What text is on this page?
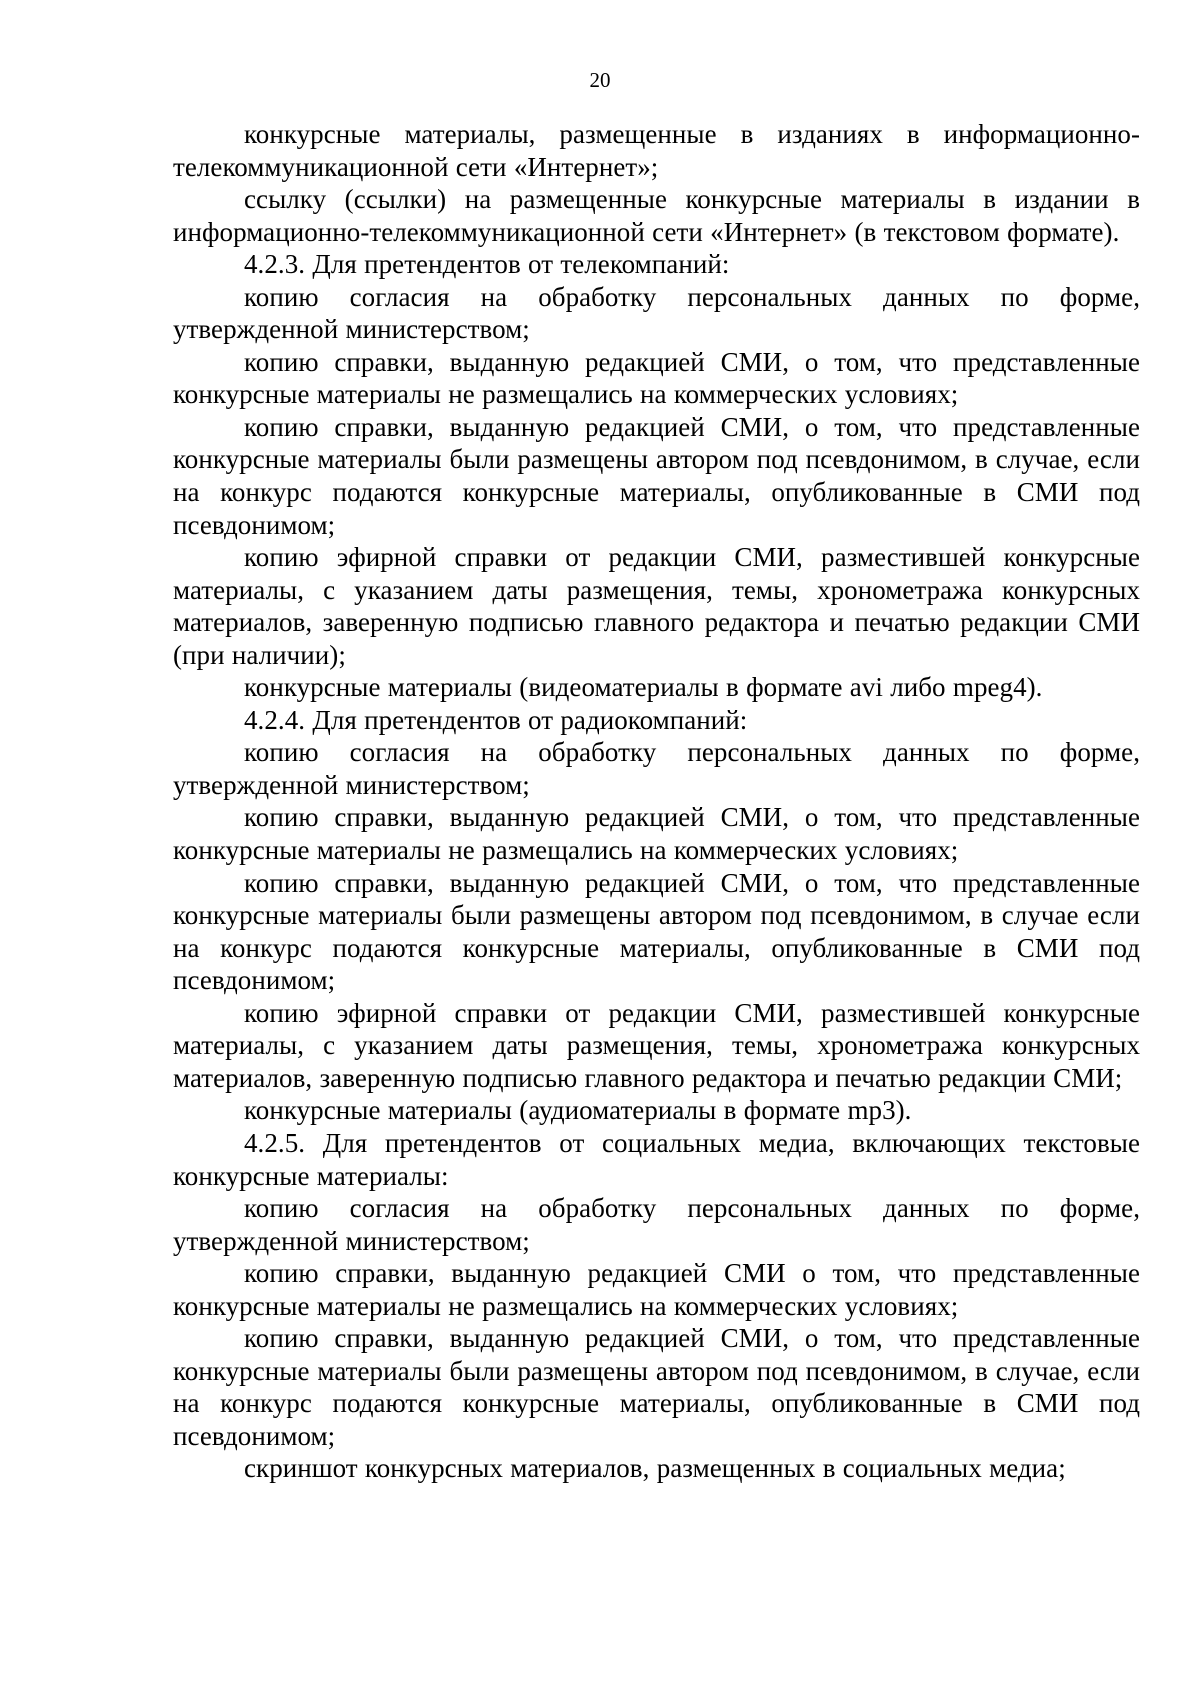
20

конкурсные материалы, размещенные в изданиях в информационно-телекоммуникационной сети «Интернет»;

ссылку (ссылки) на размещенные конкурсные материалы в издании в информационно-телекоммуникационной сети «Интернет» (в текстовом формате).

4.2.3. Для претендентов от телекомпаний:

копию согласия на обработку персональных данных по форме, утвержденной министерством;

копию справки, выданную редакцией СМИ, о том, что представленные конкурсные материалы не размещались на коммерческих условиях;

копию справки, выданную редакцией СМИ, о том, что представленные конкурсные материалы были размещены автором под псевдонимом, в случае, если на конкурс подаются конкурсные материалы, опубликованные в СМИ под псевдонимом;

копию эфирной справки от редакции СМИ, разместившей конкурсные материалы, с указанием даты размещения, темы, хронометража конкурсных материалов, заверенную подписью главного редактора и печатью редакции СМИ (при наличии);

конкурсные материалы (видеоматериалы в формате avi либо mpeg4).

4.2.4. Для претендентов от радиокомпаний:

копию согласия на обработку персональных данных по форме, утвержденной министерством;

копию справки, выданную редакцией СМИ, о том, что представленные конкурсные материалы не размещались на коммерческих условиях;

копию справки, выданную редакцией СМИ, о том, что представленные конкурсные материалы были размещены автором под псевдонимом, в случае если на конкурс подаются конкурсные материалы, опубликованные в СМИ под псевдонимом;

копию эфирной справки от редакции СМИ, разместившей конкурсные материалы, с указанием даты размещения, темы, хронометража конкурсных материалов, заверенную подписью главного редактора и печатью редакции СМИ;

конкурсные материалы (аудиоматериалы в формате mp3).

4.2.5. Для претендентов от социальных медиа, включающих текстовые конкурсные материалы:

копию согласия на обработку персональных данных по форме, утвержденной министерством;

копию справки, выданную редакцией СМИ о том, что представленные конкурсные материалы не размещались на коммерческих условиях;

копию справки, выданную редакцией СМИ, о том, что представленные конкурсные материалы были размещены автором под псевдонимом, в случае, если на конкурс подаются конкурсные материалы, опубликованные в СМИ под псевдонимом;

скриншот конкурсных материалов, размещенных в социальных медиа;
